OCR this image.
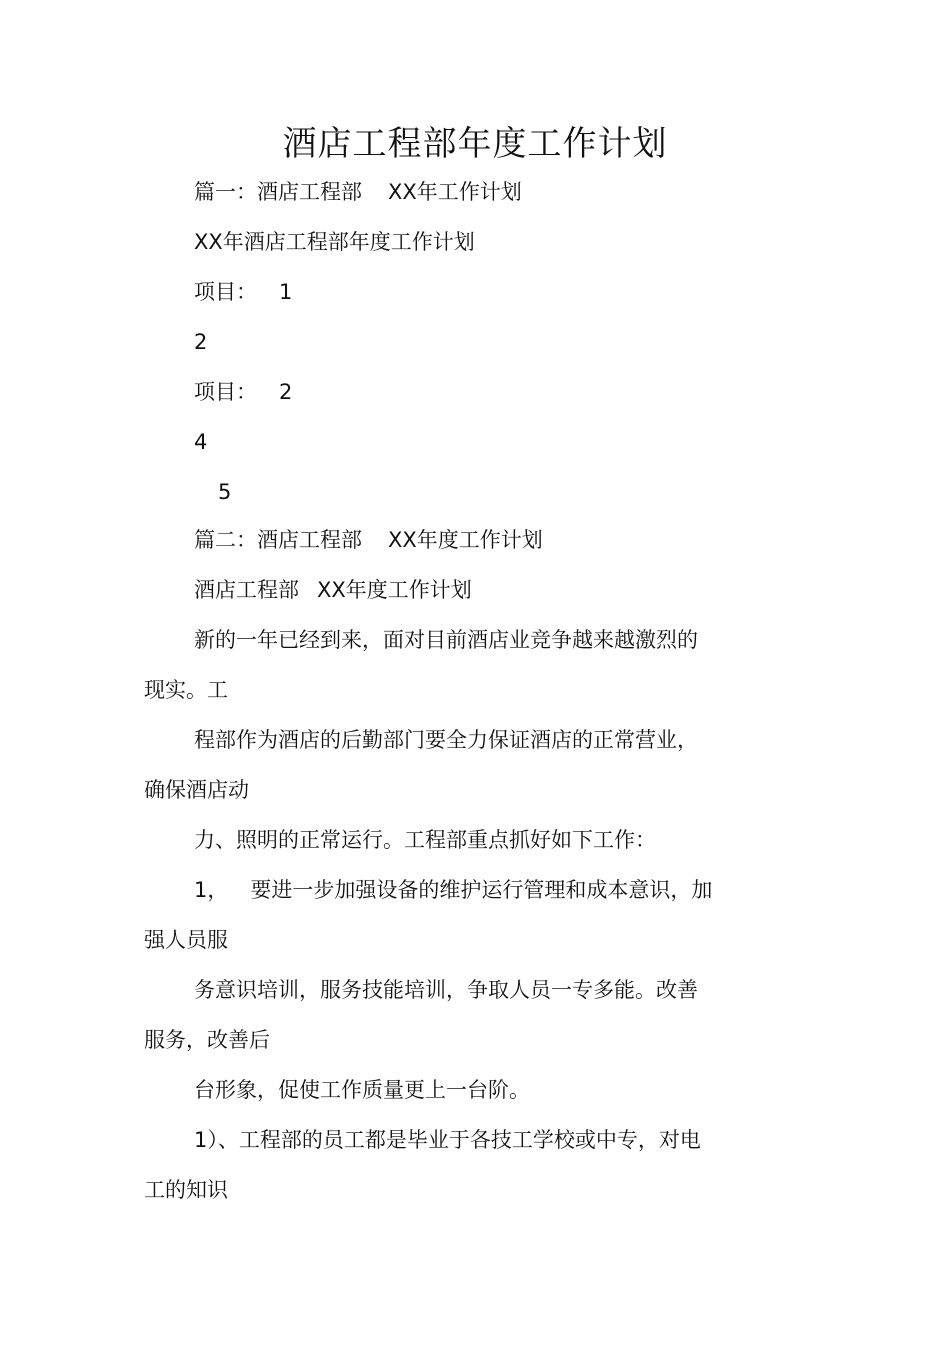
酒店工程部年度工作计划
篇一：酒店工程部 XX年工作计划
XX年酒店工程部年度工作计划
项目： 1
2
项目： 2
4
5
篇二：酒店工程部 XX年度工作计划
酒店工程部 XX年度工作计划
新的一年已经到来，面对目前酒店业竞争越来越激烈的
现实。工
程部作为酒店的后勤部门要全力保证酒店的正常营业，
确保酒店动
力、照明的正常运行。工程部重点抓好如下工作：
1， 要进一步加强设备的维护运行管理和成本意识，加
强人员服
务意识培训，服务技能培训，争取人员一专多能。改善
服务，改善后
台形象，促使工作质量更上一台阶。
1）、工程部的员工都是毕业于各技工学校或中专，对电
工的知识
